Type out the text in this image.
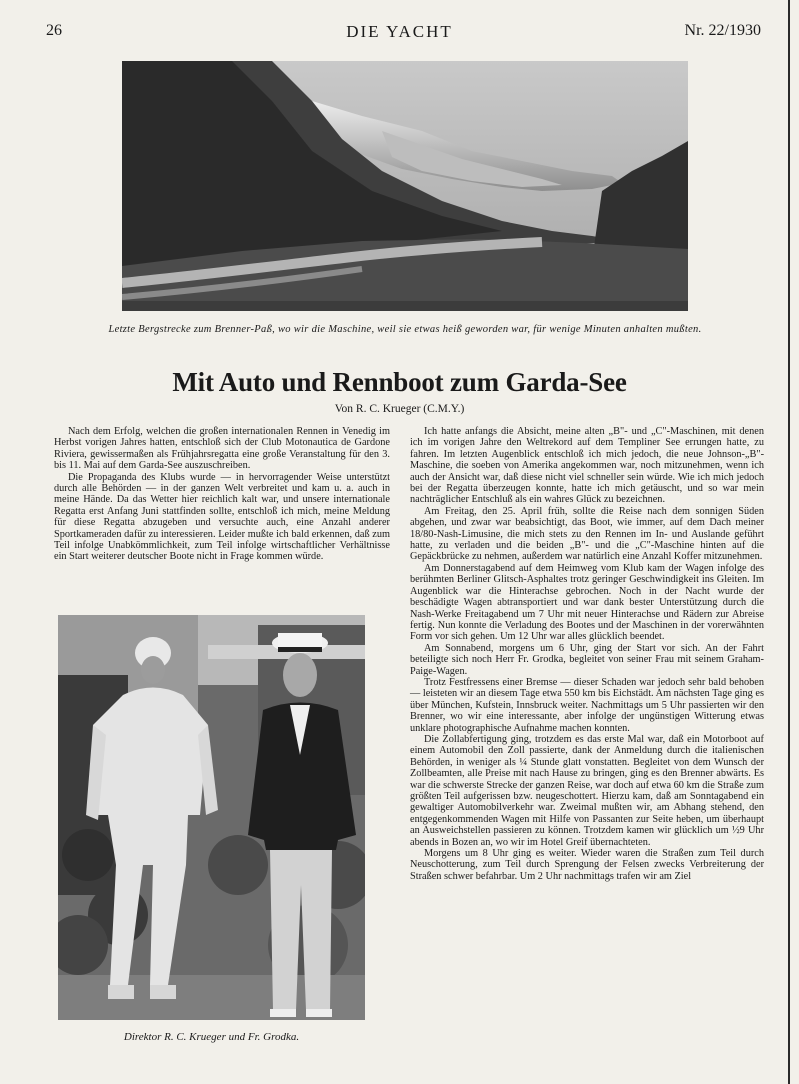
26	DIE YACHT	Nr. 22/1930
Letzte Bergstrecke zum Brenner-Paß, wo wir die Maschine, weil sie etwas heiß geworden war, für wenige Minuten anhalten mußten.
Mit Auto und Rennboot zum Garda-See
Von R. C. Krueger (C.M.Y.)

Nach dem Erfolg, welchen die großen internationalen Rennen in Venedig im Herbst vorigen Jahres hatten, entschloß sich der Club Motonautica de Gardone Riviera, gewissermaßen als Frühjahrsregatta eine große Veranstaltung für den 3. bis 11. Mai auf dem Garda-See auszuschreiben.

Die Propaganda des Klubs wurde — in hervorragender Weise unterstützt durch alle Behörden — in der ganzen Welt verbreitet und kam u. a. auch in meine Hände. Da das Wetter hier reichlich kalt war, und unsere internationale Regatta erst Anfang Juni stattfinden sollte, entschloß ich mich, meine Meldung für diese Regatta abzugeben und versuchte auch, eine Anzahl anderer Sportkameraden dafür zu interessieren. Leider mußte ich bald erkennen, daß zum Teil infolge Unabkömmlichkeit, zum Teil infolge wirtschaftlicher Verhältnisse ein Start weiterer deutscher Boote nicht in Frage kommen würde.

Ich hatte anfangs die Absicht, meine alten „B"- und „C"-Maschinen, mit denen ich im vorigen Jahre den Weltrekord auf dem Templiner See errungen hatte, zu fahren. Im letzten Augenblick entschloß ich mich jedoch, die neue Johnson-„B"-Maschine, die soeben von Amerika angekommen war, noch mitzunehmen, wenn ich auch der Ansicht war, daß diese nicht viel schneller sein würde. Wie ich mich jedoch bei der Regatta überzeugen konnte, hatte ich mich getäuscht, und so war mein nachträglicher Entschluß als ein wahres Glück zu bezeichnen.

Am Freitag, den 25. April früh, sollte die Reise nach dem sonnigen Süden abgehen, und zwar war beabsichtigt, das Boot, wie immer, auf dem Dach meiner 18/80-Nash-Limusine, die mich stets zu den Rennen im In- und Auslande geführt hatte, zu verladen und die beiden „B"- und die „C"-Maschine hinten auf die Gepäckbrücke zu nehmen, außerdem war natürlich eine Anzahl Koffer mitzunehmen.

Am Donnerstagabend auf dem Heimweg vom Klub kam der Wagen infolge des berühmten Berliner Glitsch-Asphaltes trotz geringer Geschwindigkeit ins Gleiten. Im Augenblick war die Hinterachse gebrochen. Noch in der Nacht wurde der beschädigte Wagen abtransportiert und war dank bester Unterstützung durch die Nash-Werke Freitagabend um 7 Uhr mit neuer Hinterachse und Rädern zur Abreise fertig. Nun konnte die Verladung des Bootes und der Maschinen in der vorerwähnten Form vor sich gehen. Um 12 Uhr war alles glücklich beendet.

Am Sonnabend, morgens um 6 Uhr, ging der Start vor sich. An der Fahrt beteiligte sich noch Herr Fr. Grodka, begleitet von seiner Frau mit seinem Graham-Paige-Wagen.

Trotz Festfressens einer Bremse — dieser Schaden war jedoch sehr bald behoben — leisteten wir an diesem Tage etwa 550 km bis Eichstädt. Am nächsten Tage ging es über München, Kufstein, Innsbruck weiter. Nachmittags um 5 Uhr passierten wir den Brenner, wo wir eine interessante, aber infolge der ungünstigen Witterung etwas unklare photographische Aufnahme machen konnten.

Die Zollabfertigung ging, trotzdem es das erste Mal war, daß ein Motorboot auf einem Automobil den Zoll passierte, dank der Anmeldung durch die italienischen Behörden, in weniger als ¼ Stunde glatt vonstatten. Begleitet von dem Wunsch der Zollbeamten, alle Preise mit nach Hause zu bringen, ging es den Brenner abwärts. Es war die schwerste Strecke der ganzen Reise, war doch auf etwa 60 km die Straße zum größten Teil aufgerissen bzw. neugeschottert. Hierzu kam, daß am Sonntagabend ein gewaltiger Automobilverkehr war. Zweimal mußten wir, am Abhang stehend, den entgegenkommenden Wagen mit Hilfe von Passanten zur Seite heben, um überhaupt an Ausweichstellen passieren zu können. Trotzdem kamen wir glücklich um ½9 Uhr abends in Bozen an, wo wir im Hotel Greif übernachteten.

Morgens um 8 Uhr ging es weiter. Wieder waren die Straßen zum Teil durch Neuschotterung, zum Teil durch Sprengung der Felsen zwecks Verbreiterung der Straßen schwer befahrbar. Um 2 Uhr nachmittags trafen wir am Ziel

Direktor R. C. Krueger und Fr. Grodka.
